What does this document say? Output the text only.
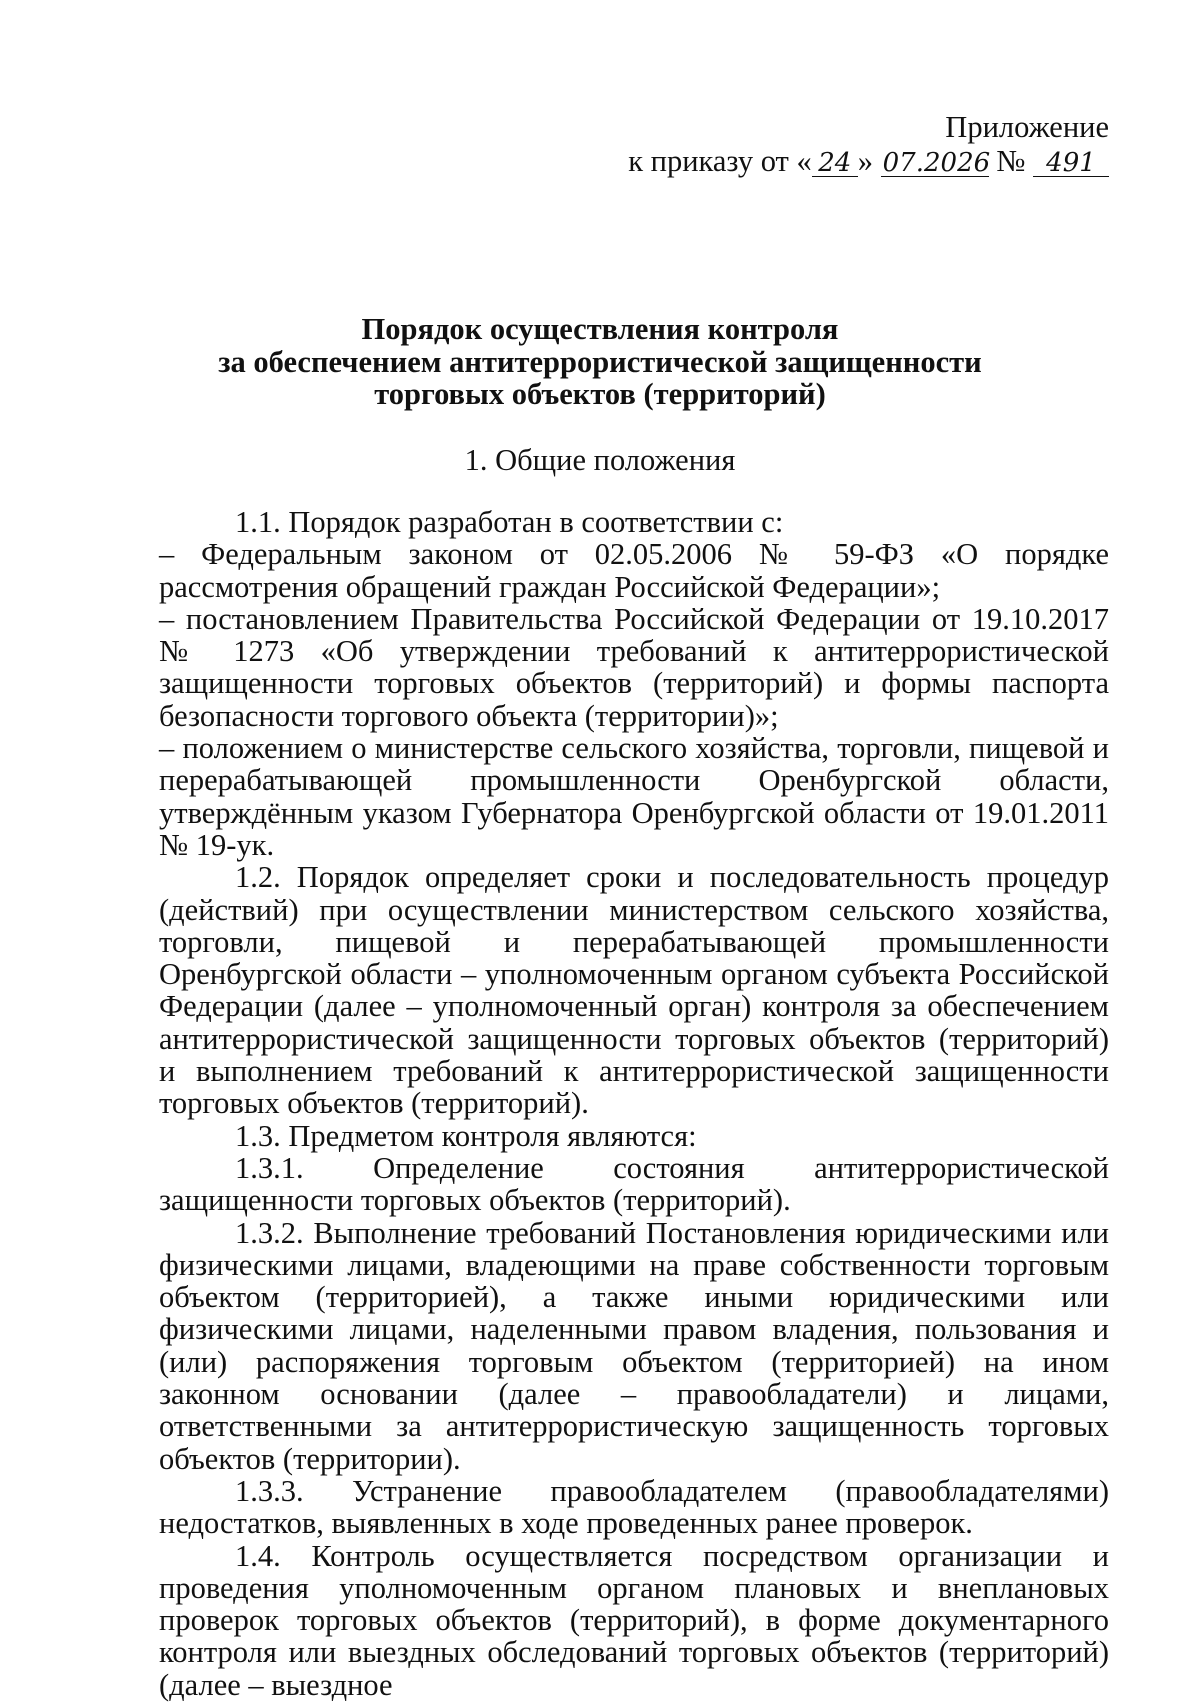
Приложение
к приказу от « 24 » 07.2026 № 491
Порядок осуществления контроля
за обеспечением антитеррористической защищенности
торговых объектов (территорий)
1. Общие положения

1.1. Порядок разработан в соответствии с:

– Федеральным законом от 02.05.2006 № 59-ФЗ «О порядке рассмотрения обращений граждан Российской Федерации»;

– постановлением Правительства Российской Федерации от 19.10.2017 № 1273 «Об утверждении требований к антитеррористической защищенности торговых объектов (территорий) и формы паспорта безопасности торгового объекта (территории)»;

– положением о министерстве сельского хозяйства, торговли, пищевой и перерабатывающей промышленности Оренбургской области, утверждённым указом Губернатора Оренбургской области от 19.01.2011 № 19-ук.

1.2. Порядок определяет сроки и последовательность процедур (действий) при осуществлении министерством сельского хозяйства, торговли, пищевой и перерабатывающей промышленности Оренбургской области – уполномоченным органом субъекта Российской Федерации (далее – уполномоченный орган) контроля за обеспечением антитеррористической защищенности торговых объектов (территорий) и выполнением требований к антитеррористической защищенности торговых объектов (территорий).

1.3. Предметом контроля являются:

1.3.1. Определение состояния антитеррористической защищенности торговых объектов (территорий).

1.3.2. Выполнение требований Постановления юридическими или физическими лицами, владеющими на праве собственности торговым объектом (территорией), а также иными юридическими или физическими лицами, наделенными правом владения, пользования и (или) распоряжения торговым объектом (территорией) на ином законном основании (далее – правообладатели) и лицами, ответственными за антитеррористическую защищенность торговых объектов (территории).

1.3.3. Устранение правообладателем (правообладателями) недостатков, выявленных в ходе проведенных ранее проверок.

1.4. Контроль осуществляется посредством организации и проведения уполномоченным органом плановых и внеплановых проверок торговых объектов (территорий), в форме документарного контроля или выездных обследований торговых объектов (территорий) (далее – выездное
